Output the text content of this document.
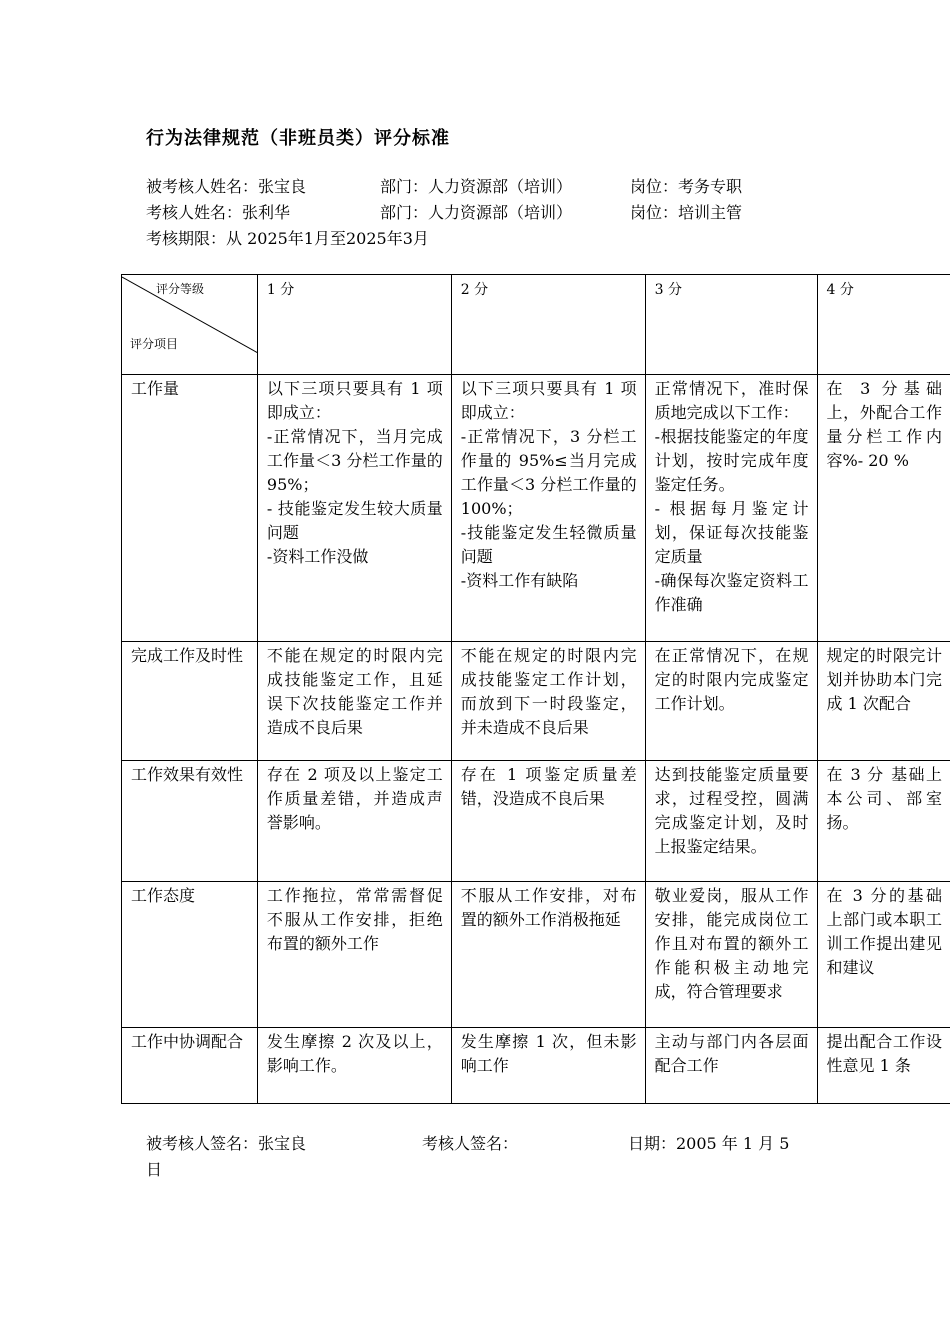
行为法律规范（非班员类）评分标准
被考核人姓名：张宝良	部门：人力资源部（培训）	岗位：考务专职
考核人姓名：张利华	部门：人力资源部（培训）	岗位：培训主管
考核期限：从 2025年1月至2025年3月
评分等级
评分项目	1 分	2 分	3 分	4 分
工作量	以下三项只要具有 1 项即成立：
-正常情况下，当月完成工作量＜3 分栏工作量的 95%；
- 技能鉴定发生较大质量问题
-资料工作没做	以下三项只要具有 1 项即成立：
-正常情况下，3 分栏工作量的 95%≤当月完成工作量＜3 分栏工作量的 100%；
-技能鉴定发生轻微质量问题
-资料工作有缺陷	正常情况下，准时保质地完成以下工作：
-根据技能鉴定的年度计划，按时完成年度鉴定任务。
- 根据每月鉴定计划，保证每次技能鉴定质量
-确保每次鉴定资料工作准确	在 3 分基础上，外配合工作量分栏工作内容%- 20 %

完成工作及时性	不能在规定的时限内完成技能鉴定工作，且延误下次技能鉴定工作并造成不良后果	不能在规定的时限内完成技能鉴定工作计划，而放到下一时段鉴定，并未造成不良后果	在正常情况下，在规定的时限内完成鉴定工作计划。	规定的时限完计划并协助本门完成 1 次配合
工作效果有效性	存在 2 项及以上鉴定工作质量差错，并造成声誉影响。	存在 1 项鉴定质量差错，没造成不良后果	达到技能鉴定质量要求，过程受控，圆满完成鉴定计划，及时上报鉴定结果。	在 3 分 基础上本公司、部室扬。
工作态度	工作拖拉，常常需督促不服从工作安排，拒绝布置的额外工作	不服从工作安排，对布置的额外工作消极拖延	敬业爱岗，服从工作安排，能完成岗位工作且对布置的额外工作能积极主动地完成，符合管理要求	在 3 分的基础上部门或本职工训工作提出建见和建议
工作中协调配合	发生摩擦 2 次及以上，影响工作。	发生摩擦 1 次，但未影响工作	主动与部门内各层面配合工作	提出配合工作设性意见 1 条
被考核人签名：张宝良	考核人签名：	日期：2005 年 1 月 5
日
